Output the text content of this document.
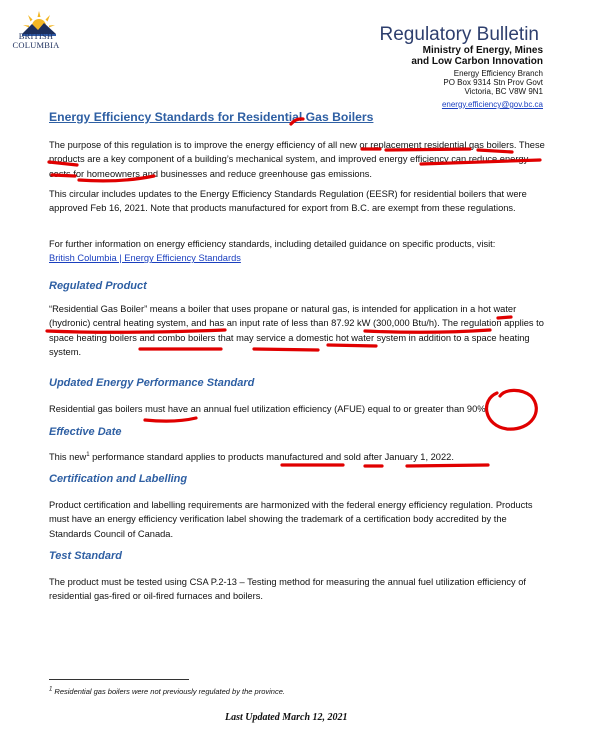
BRITISH
COLUMBIA	Regulatory Bulletin
Ministry of Energy, Mines
and Low Carbon Innovation
Energy Efficiency Branch
PO Box 9314 Stn Prov Govt
Victoria, BC V8W 9N1
energy.efficiency@gov.bc.ca
Energy Efficiency Standards for Residential Gas Boilers
The purpose of this regulation is to improve the energy efficiency of all new or replacement residential gas boilers. These products are a key component of a building’s mechanical system, and improved energy efficiency can reduce energy costs for homeowners and businesses and reduce greenhouse gas emissions.
This circular includes updates to the Energy Efficiency Standards Regulation (EESR) for residential boilers that were approved Feb 16, 2021. Note that products manufactured for export from B.C. are exempt from these regulations.
For further information on energy efficiency standards, including detailed guidance on specific products, visit:
British Columbia | Energy Efficiency Standards
Regulated Product
“Residential Gas Boiler” means a boiler that uses propane or natural gas, is intended for application in a hot water (hydronic) central heating system, and has an input rate of less than 87.92 kW (300,000 Btu/h). The regulation applies to space heating boilers and combo boilers that may service a domestic hot water system in addition to a space heating system.
Updated Energy Performance Standard
Residential gas boilers must have an annual fuel utilization efficiency (AFUE) equal to or greater than 90%.
Effective Date
This new$^1$ performance standard applies to products manufactured and sold after January 1, 2022.
Certification and Labelling
Product certification and labelling requirements are harmonized with the federal energy efficiency regulation. Products must have an energy efficiency verification label showing the trademark of a certification body accredited by the Standards Council of Canada.
Test Standard
The product must be tested using CSA P.2-13 – Testing method for measuring the annual fuel utilization efficiency of residential gas-fired or oil-fired furnaces and boilers.
$^1$ Residential gas boilers were not previously regulated by the province.
Last Updated March 12, 2021
